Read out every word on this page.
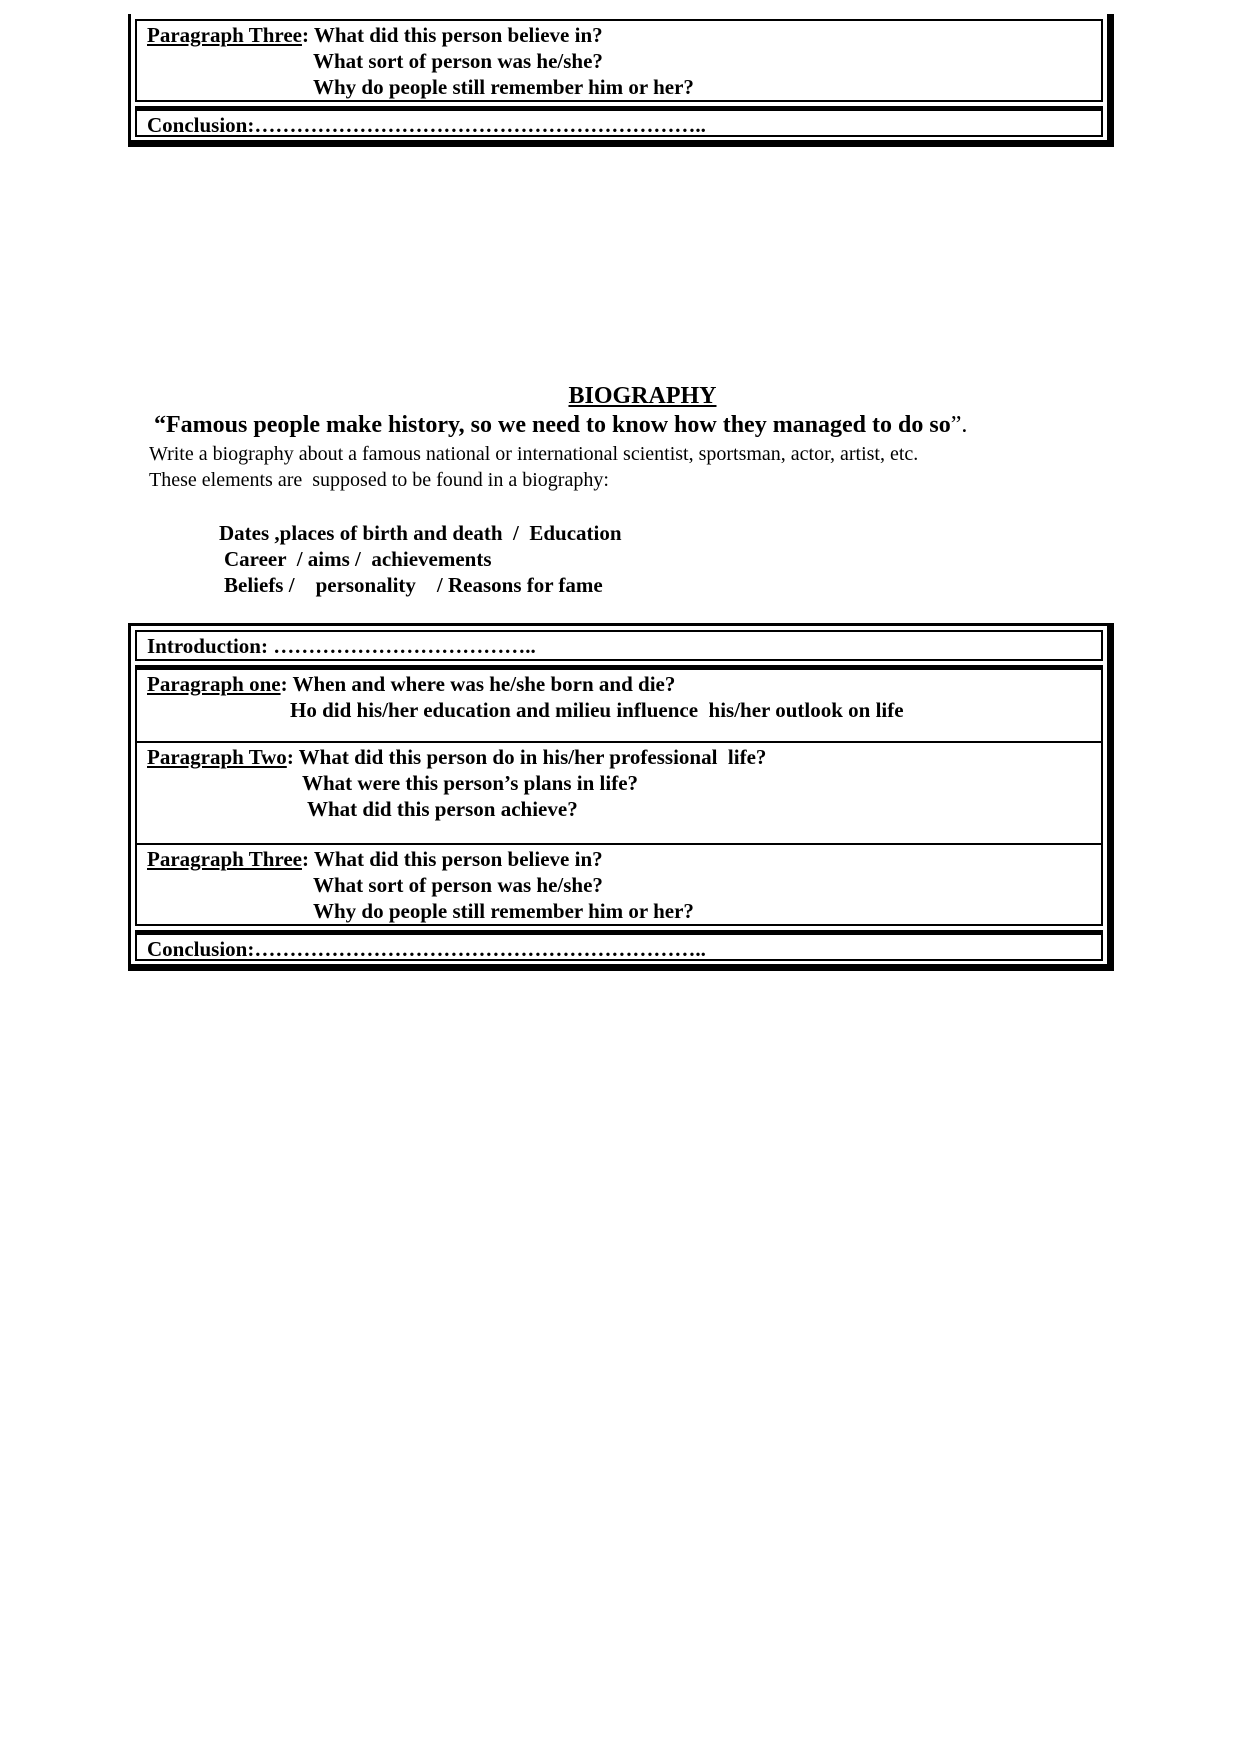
Paragraph Three: What did this person believe in?
What sort of person was he/she?
Why do people still remember him or her?
Conclusion:………………………………………………………..
BIOGRAPHY
“Famous people make history, so we need to know how they managed to do so”.
Write a biography about a famous national or international scientist, sportsman, actor, artist, etc.
These elements are  supposed to be found in a biography:
Dates ,places of birth and death  /  Education
Career  / aims /  achievements
Beliefs /    personality    / Reasons for fame
Introduction: ………………………………..
Paragraph one: When and where was he/she born and die?
Ho did his/her education and milieu influence  his/her outlook on life
Paragraph Two: What did this person do in his/her professional  life?
What were this person’s plans in life?
What did this person achieve?
Paragraph Three: What did this person believe in?
What sort of person was he/she?
Why do people still remember him or her?
Conclusion:………………………………………………………..
